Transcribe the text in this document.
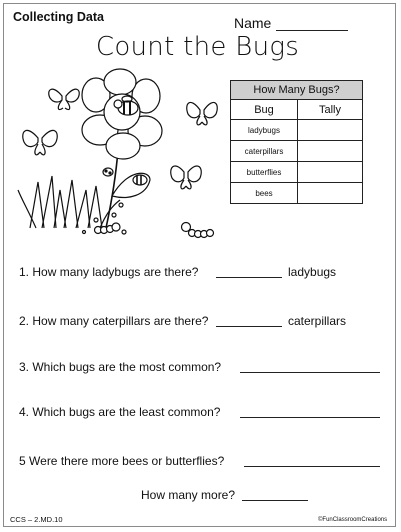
Collecting Data	Name
Count the Bugs
How Many Bugs?	
Bug	Tally
ladybugs	
caterpillars	
butterflies	
bees	
1. How many ladybugs are there?	ladybugs
2. How many caterpillars are there?	caterpillars
3. Which bugs are the most common?
4. Which bugs are the least common?
5 Were there more bees or butterflies?
How many more?
CCS – 2.MD.10	©FunClassroomCreations
